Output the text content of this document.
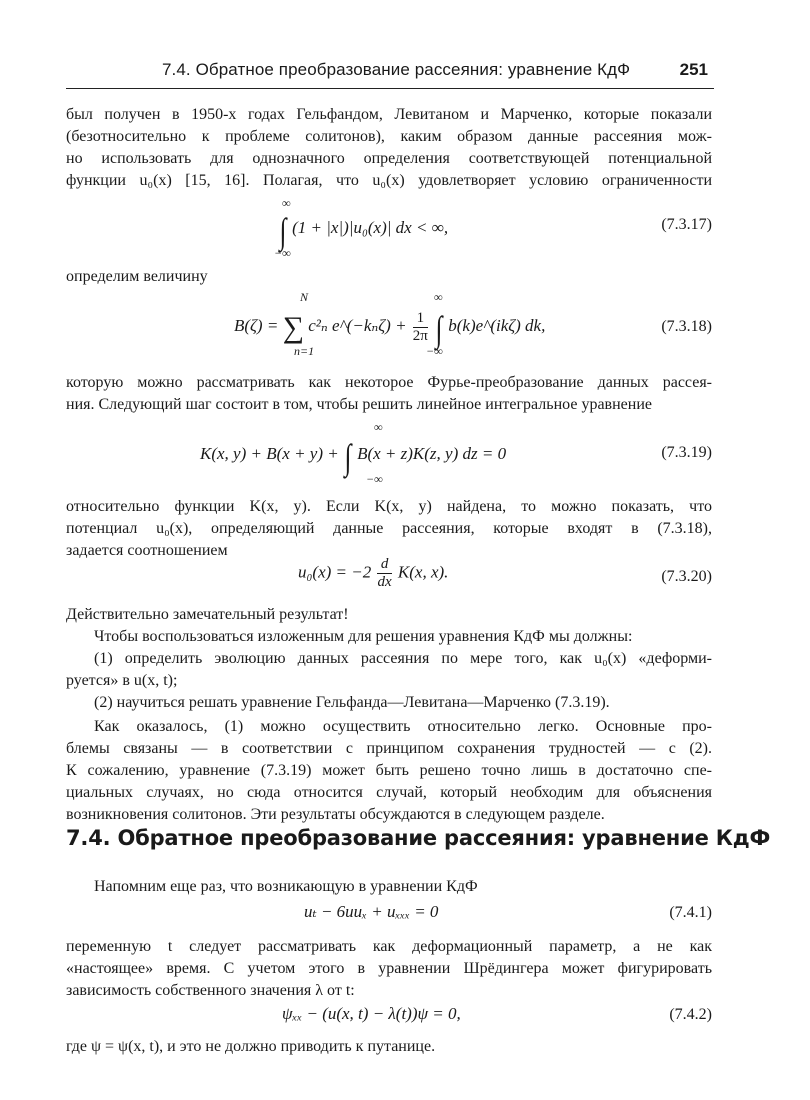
7.4. Обратное преобразование рассеяния: уравнение КдФ	251
был получен в 1950-х годах Гельфандом, Левитаном и Марченко, которые показали
(безотносительно к проблеме солитонов), каким образом данные рассеяния мож-
но использовать для однозначного определения соответствующей потенциальной
функции u₀(x) [15, 16]. Полагая, что u₀(x) удовлетворяет условию ограниченности
∞
∫ (1 + |x|)|u₀(x)| dx < ∞,
−∞
(7.3.17)
определим величину
N	∞
B(ζ) = ∑ c²ₙ e^(−kₙζ) + $\frac{1}{2\pi}$ ∫ b(k)e^(ikζ) dk,
n=1	−∞
(7.3.18)
которую можно рассматривать как некоторое Фурье-преобразование данных рассея-
ния. Следующий шаг состоит в том, чтобы решить линейное интегральное уравнение
∞
K(x, y) + B(x + y) + ∫ B(x + z)K(z, y) dz = 0
−∞
(7.3.19)
относительно функции K(x, y). Если K(x, y) найдена, то можно показать, что
потенциал u₀(x), определяющий данные рассеяния, которые входят в (7.3.18),
задается соотношением
$u_0(x) = -2 \frac{d}{dx} K(x$, x).	(7.3.20)
Действительно замечательный результат!
Чтобы воспользоваться изложенным для решения уравнения КдФ мы должны:
(1) определить эволюцию данных рассеяния по мере того, как u₀(x) «деформи-
руется» в u(x, t);
(2) научиться решать уравнение Гельфанда—Левитана—Марченко (7.3.19).
Как оказалось, (1) можно осуществить относительно легко. Основные про-
блемы связаны — в соответствии с принципом сохранения трудностей — с (2).
К сожалению, уравнение (7.3.19) может быть решено точно лишь в достаточно спе-
циальных случаях, но сюда относится случай, который необходим для объяснения
возникновения солитонов. Эти результаты обсуждаются в следующем разделе.
7.4. Обратное преобразование рассеяния: уравнение КдФ
Напомним еще раз, что возникающую в уравнении КдФ
uₜ − 6uuₓ + uₓₓₓ = 0	(7.4.1)
переменную t следует рассматривать как деформационный параметр, а не как
«настоящее» время. С учетом этого в уравнении Шрёдингера может фигурировать
зависимость собственного значения λ от t:
ψₓₓ − (u(x, t) − λ(t))ψ = 0,	(7.4.2)
где ψ = ψ(x, t), и это не должно приводить к путанице.
